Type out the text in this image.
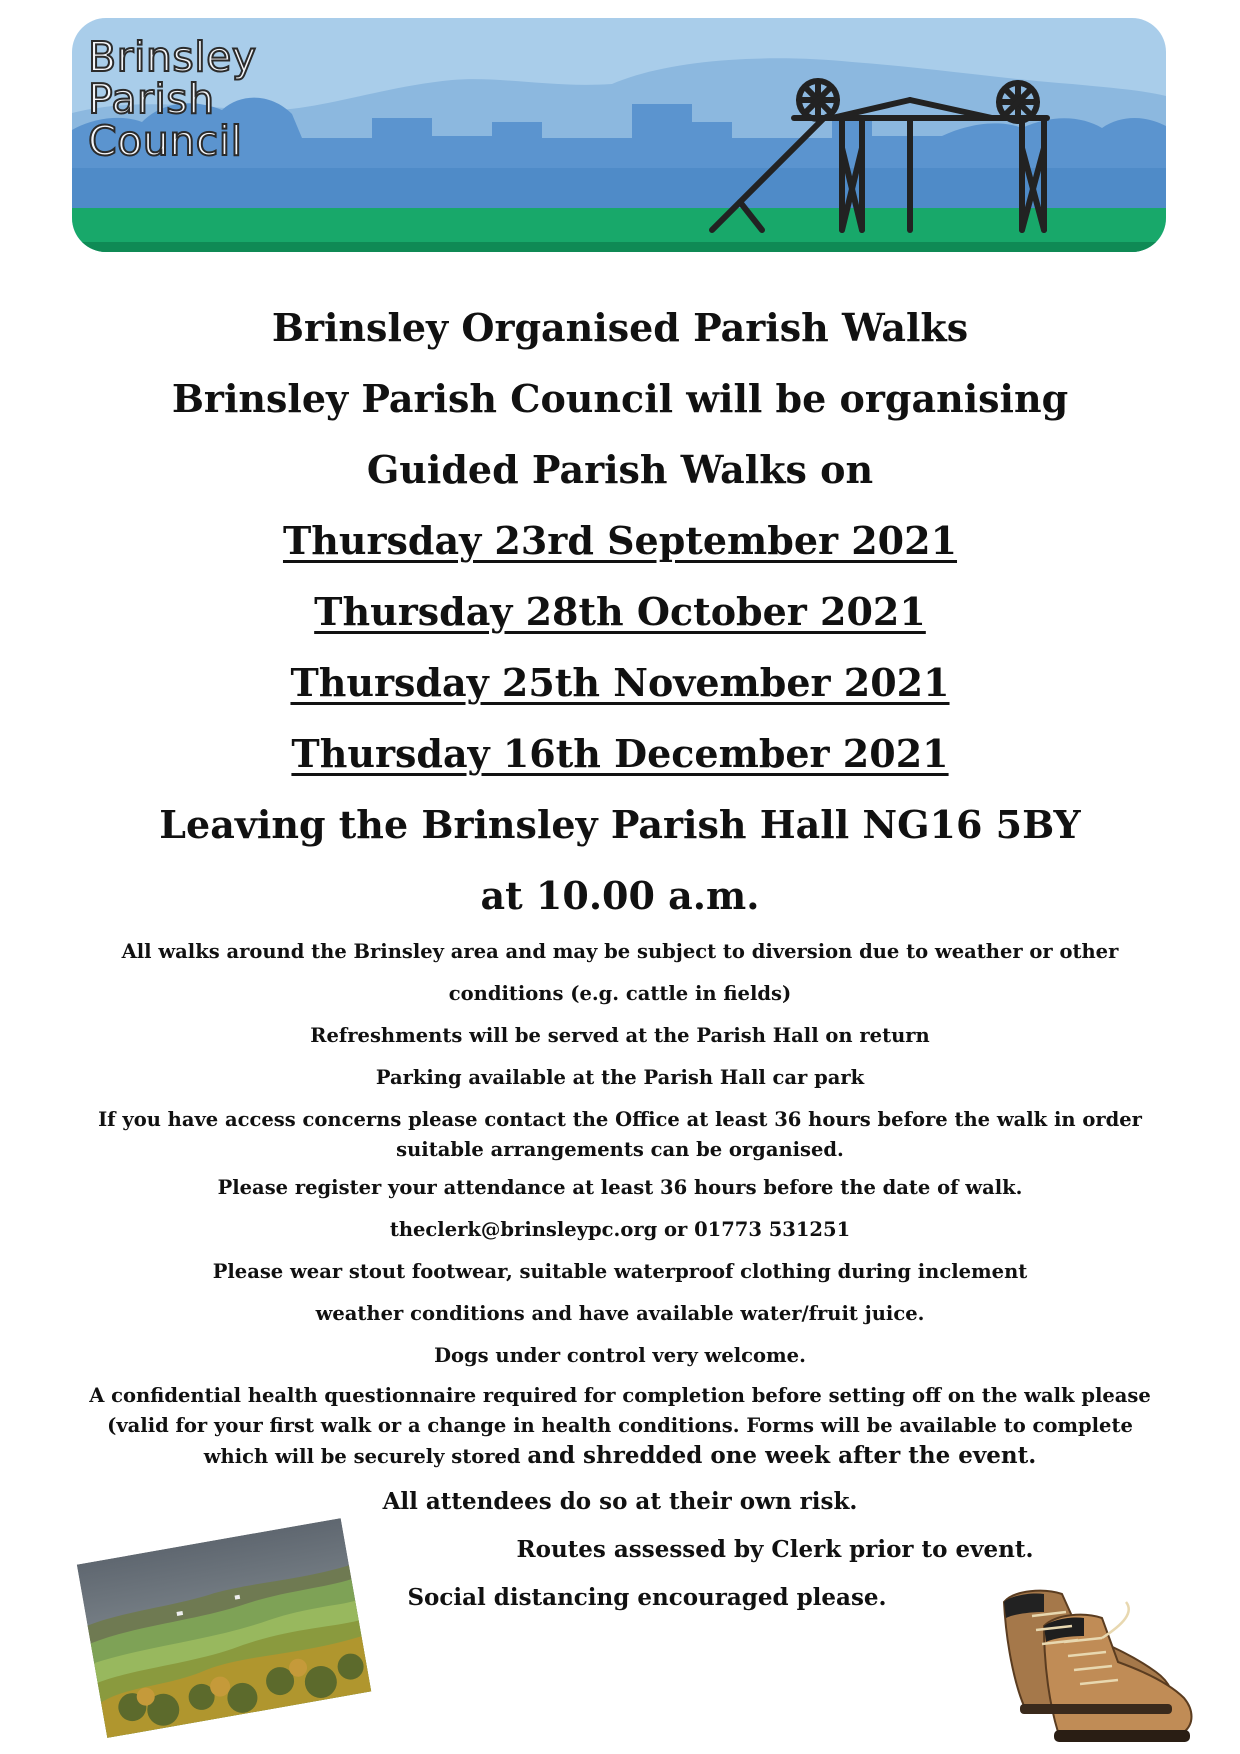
Brinsley
Parish
Council
Brinsley Organised Parish Walks
Brinsley Parish Council will be organising
Guided Parish Walks on
Thursday 23rd September 2021
Thursday 28th October 2021
Thursday 25th November 2021
Thursday 16th December 2021
Leaving the Brinsley Parish Hall NG16 5BY
at 10.00 a.m.
All walks around the Brinsley area and may be subject to diversion due to weather or other
conditions (e.g. cattle in fields)
Refreshments will be served at the Parish Hall on return
Parking available at the Parish Hall car park
If you have access concerns please contact the Office at least 36 hours before the walk in order
suitable arrangements can be organised.
Please register your attendance at least 36 hours before the date of walk.
theclerk@brinsleypc.org or 01773 531251
Please wear stout footwear, suitable waterproof clothing during inclement
weather conditions and have available water/fruit juice.
Dogs under control very welcome.
A confidential health questionnaire required for completion before setting off on the walk please
(valid for your first walk or a change in health conditions. Forms will be available to complete
which will be securely stored and shredded one week after the event.
All attendees do so at their own risk.
Routes assessed by Clerk prior to event.
Social distancing encouraged please.
